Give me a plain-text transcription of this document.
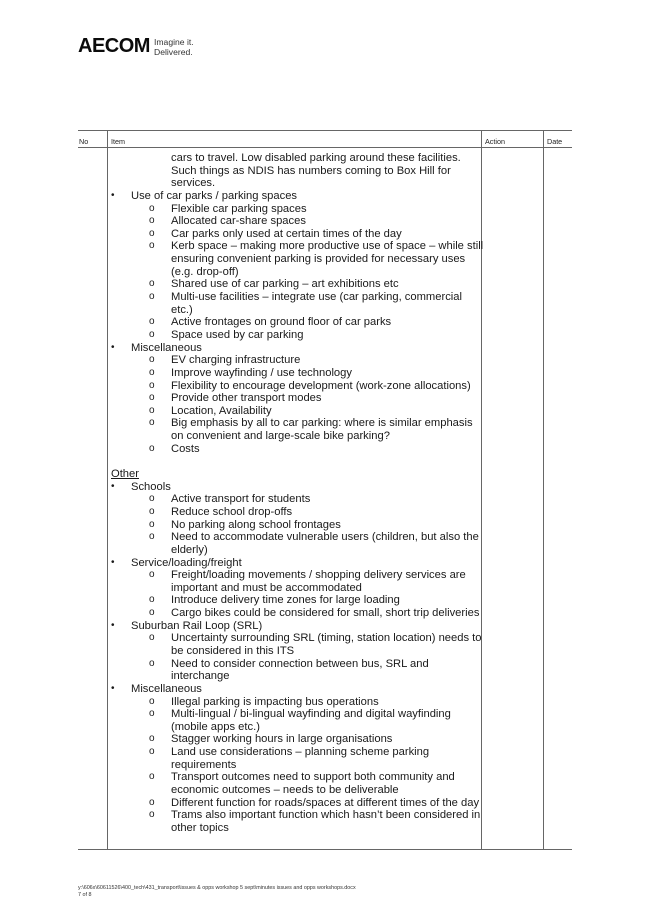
AECOM Imagine it.
Delivered.
No	Item	Action	Date
cars to travel. Low disabled parking around these facilities.
Such things as NDIS has numbers coming to Box Hill for
services.
• Use of car parks / parking spaces
o Flexible car parking spaces
o Allocated car-share spaces
o Car parks only used at certain times of the day
o Kerb space – making more productive use of space – while still
ensuring convenient parking is provided for necessary uses
(e.g. drop-off)
o Shared use of car parking – art exhibitions etc
o Multi-use facilities – integrate use (car parking, commercial
etc.)
o Active frontages on ground floor of car parks
o Space used by car parking
• Miscellaneous
o EV charging infrastructure
o Improve wayfinding / use technology
o Flexibility to encourage development (work-zone allocations)
o Provide other transport modes
o Location, Availability
o Big emphasis by all to car parking: where is similar emphasis
on convenient and large-scale bike parking?
o Costs
Other
• Schools
o Active transport for students
o Reduce school drop-offs
o No parking along school frontages
o Need to accommodate vulnerable users (children, but also the
elderly)
• Service/loading/freight
o Freight/loading movements / shopping delivery services are
important and must be accommodated
o Introduce delivery time zones for large loading
o Cargo bikes could be considered for small, short trip deliveries
• Suburban Rail Loop (SRL)
o Uncertainty surrounding SRL (timing, station location) needs to
be considered in this ITS
o Need to consider connection between bus, SRL and
interchange
• Miscellaneous
o Illegal parking is impacting bus operations
o Multi-lingual / bi-lingual wayfinding and digital wayfinding
(mobile apps etc.)
o Stagger working hours in large organisations
o Land use considerations – planning scheme parking
requirements
o Transport outcomes need to support both community and
economic outcomes – needs to be deliverable
o Different function for roads/spaces at different times of the day
o Trams also important function which hasn’t been considered in
other topics
y:\606x\60611526\400_tech\431_transport\issues & opps workshop 5 sept\minutes issues and opps workshops.docx
7 of 8
